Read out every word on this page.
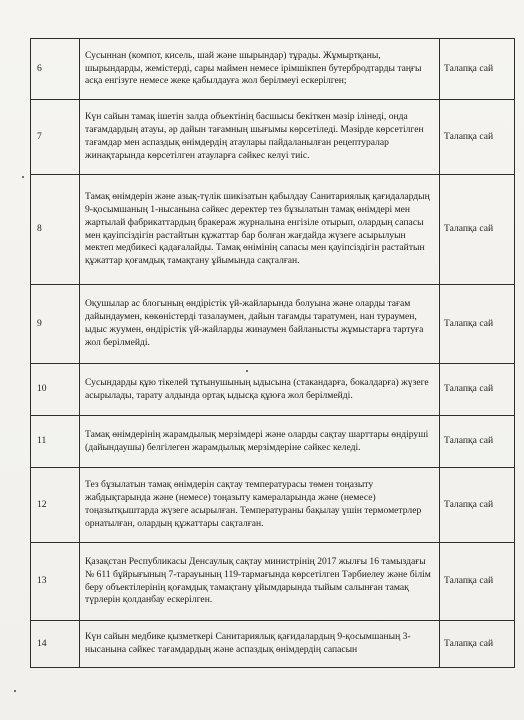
6	Сусыннан (компот, кисель, шай және шырындар) тұрады. Жұмыртқаны, шырындарды, жемістерді, сары маймен немесе ірімшікпен бутербродтарды таңғы асқа енгізуге немесе жеке қабылдауға жол берілмеуі ескерілген;	Талапқа сай
7	Күн сайын тамақ ішетін залда объектінің басшысы бекіткен мәзір ілінеді, онда тағамдардың атауы, әр дайын тағамның шығымы көрсетіледі. Мәзірде көрсетілген тағамдар мен аспаздық өнімдердің атаулары пайдаланылған рецептуралар жинақтарында көрсетілген атауларға сәйкес келуі тиіс.	Талапқа сай
8	Тамақ өнімдерін және азық-түлік шикізатын қабылдау Санитариялық қағидалардың 9-қосымшаның 1-нысанына сәйкес деректер тез бұзылатын тамақ өнімдері мен жартылай фабрикаттардың бракераж журналына енгізіле отырып, олардың сапасы мен қауіпсіздігін растайтын құжаттар бар болған жағдайда жүзеге асырылуын мектеп медбикесі қадағалайды. Тамақ өнімінің сапасы мен қауіпсіздігін растайтын құжаттар қоғамдық тамақтану ұйымында сақталған.	Талапқа сай
9	Оқушылар ас блогының өндірістік үй-жайларында болуына және оларды тағам дайындаумен, көкөністерді тазалаумен, дайын тағамды таратумен, нан тураумен, ыдыс жуумен, өндірістік үй-жайларды жинаумен байланысты жұмыстарға тартуға жол берілмейді.	Талапқа сай
10	Сусындарды құю тікелей тұтынушының ыдысына (стакандарға, бокалдарға) жүзеге асырылады, тарату алдында ортақ ыдысқа құюға жол берілмейді.	Талапқа сай
11	Тамақ өнімдерінің жарамдылық мерзімдері және оларды сақтау шарттары өндіруші (дайындаушы) белгілеген жарамдылық мерзімдеріне сәйкес келеді.	Талапқа сай
12	Тез бұзылатын тамақ өнімдерін сақтау температурасы төмен тоңазыту жабдықтарында және (немесе) тоңазыту камераларында және (немесе) тоңазытқыштарда жүзеге асырылған. Температураны бақылау үшін термометрлер орнатылған, олардың құжаттары сақталған.	Талапқа сай
13	Қазақстан Республикасы Денсаулық сақтау министрінің 2017 жылғы 16 тамыздағы № 611 бұйрығының 7-тарауының 119-тармағында көрсетілген Тәрбиелеу және білім беру объектілерінің қоғамдық тамақтану ұйымдарында тыйым салынған тамақ түрлерін қолданбау ескерілген.	Талапқа сай
14	Күн сайын медбике қызметкері Санитариялық қағидалардың 9-қосымшаның 3-нысанына сәйкес тағамдардың және аспаздық өнімдердің сапасын	Талапқа сай
